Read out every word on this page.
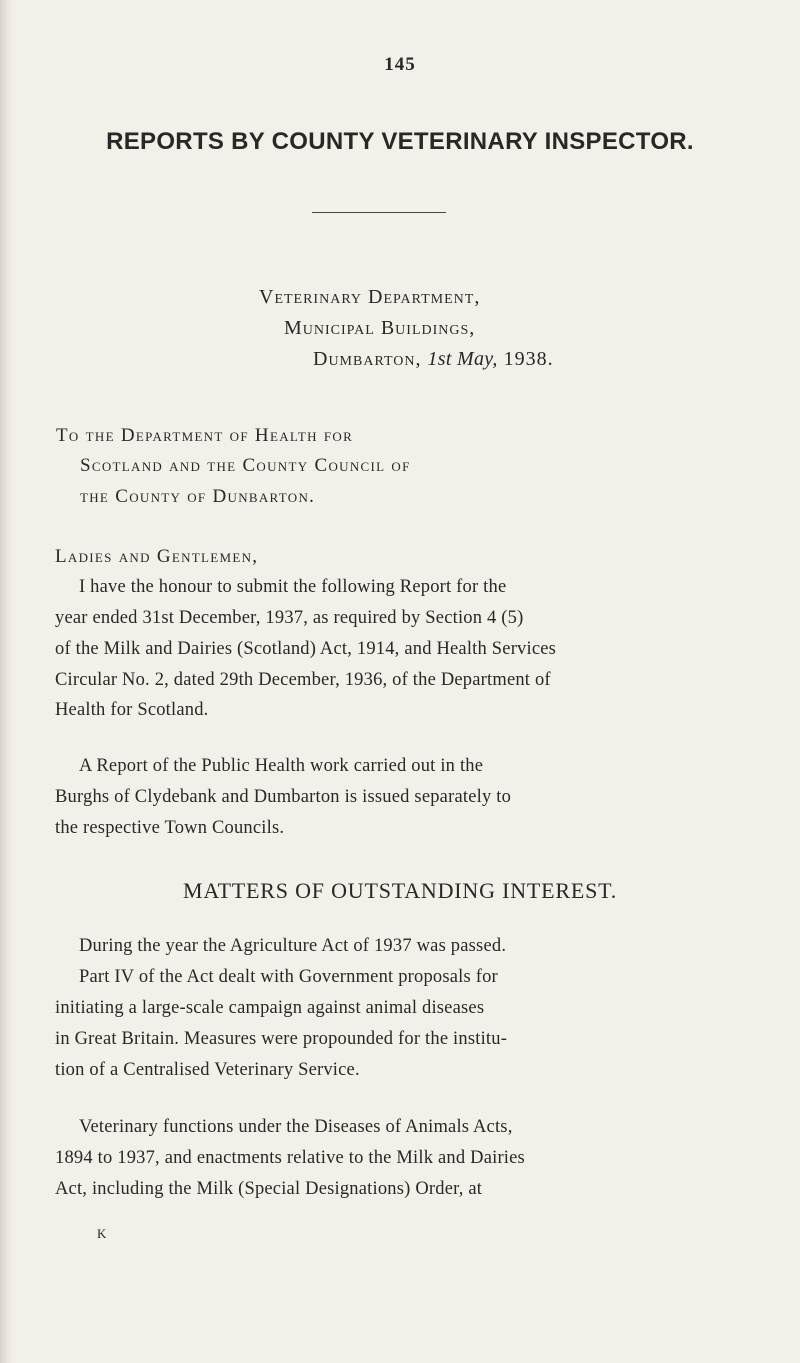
145
REPORTS BY COUNTY VETERINARY INSPECTOR.
Veterinary Department,
Municipal Buildings,
Dumbarton, 1st May, 1938.
To the Department of Health for
Scotland and the County Council of
the County of Dunbarton.
Ladies and Gentlemen,
I have the honour to submit the following Report for the
year ended 31st December, 1937, as required by Section 4 (5)
of the Milk and Dairies (Scotland) Act, 1914, and Health Services
Circular No. 2, dated 29th December, 1936, of the Department of
Health for Scotland.
A Report of the Public Health work carried out in the
Burghs of Clydebank and Dumbarton is issued separately to
the respective Town Councils.
MATTERS OF OUTSTANDING INTEREST.
During the year the Agriculture Act of 1937 was passed.
Part IV of the Act dealt with Government proposals for
initiating a large-scale campaign against animal diseases
in Great Britain. Measures were propounded for the institu-
tion of a Centralised Veterinary Service.
Veterinary functions under the Diseases of Animals Acts,
1894 to 1937, and enactments relative to the Milk and Dairies
Act, including the Milk (Special Designations) Order, at
K
